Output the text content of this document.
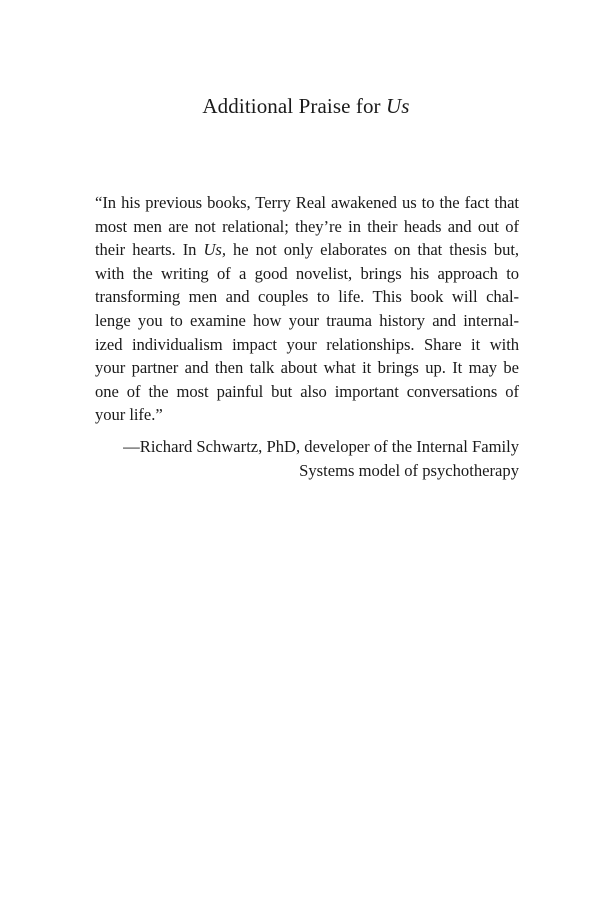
Additional Praise for Us

“In his previous books, Terry Real awakened us to the fact that
most men are not relational; they’re in their heads and out of
their hearts. In Us, he not only elaborates on that thesis but,
with the writing of a good novelist, brings his approach to
transforming men and couples to life. This book will chal-
lenge you to examine how your trauma history and internal-
ized individualism impact your relationships. Share it with
your partner and then talk about what it brings up. It may be
one of the most painful but also important conversations of
your life.”

—Richard Schwartz, PhD, developer of the Internal Family
Systems model of psychotherapy
